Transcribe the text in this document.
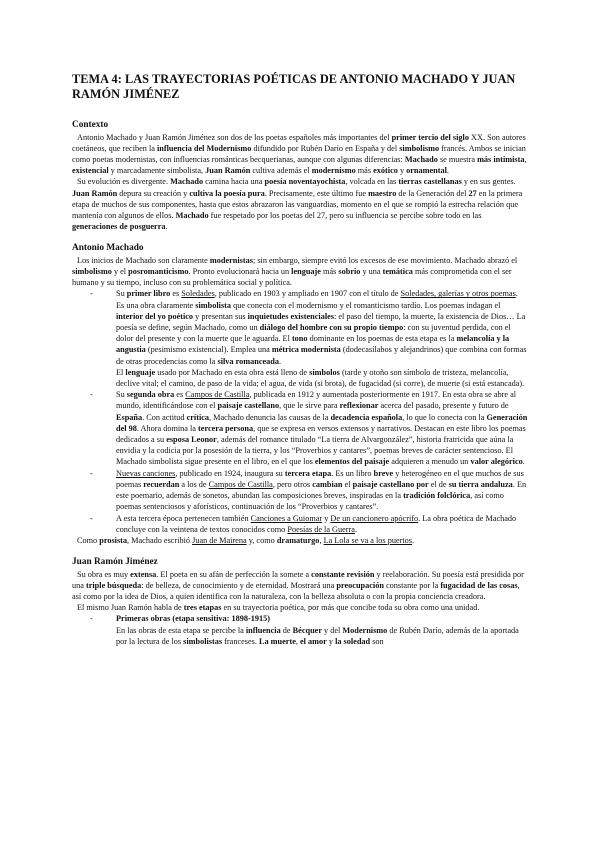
TEMA 4: LAS TRAYECTORIAS POÉTICAS DE ANTONIO MACHADO Y JUAN RAMÓN JIMÉNEZ
Contexto

Antonio Machado y Juan Ramón Jiménez son dos de los poetas españoles más importantes del primer tercio del siglo XX. Son autores coetáneos, que reciben la influencia del Modernismo difundido por Rubén Darío en España y del simbolismo francés. Ambos se inician como poetas modernistas, con influencias románticas becquerianas, aunque con algunas diferencias: Machado se muestra más intimista, existencial y marcadamente simbolista, Juan Ramón cultiva además el modernismo más exótico y ornamental.

Su evolución es divergente. Machado camina hacia una poesía noventayochista, volcada en las tierras castellanas y en sus gentes. Juan Ramón depura su creación y cultiva la poesía pura. Precisamente, este último fue maestro de la Generación del 27 en la primera etapa de muchos de sus componentes, hasta que estos abrazaron las vanguardias, momento en el que se rompió la estrecha relación que mantenía con algunos de ellos. Machado fue respetado por los poetas del 27, pero su influencia se percibe sobre todo en las generaciones de posguerra.

Antonio Machado

Los inicios de Machado son claramente modernistas; sin embargo, siempre evitó los excesos de ese movimiento. Machado abrazó el simbolismo y el posromanticismo. Pronto evolucionará hacia un lenguaje más sobrio y una temática más comprometida con el ser humano y su tiempo, incluso con su problemática social y política.

-	Su primer libro es Soledades, publicado en 1903 y ampliado en 1907 con el título de Soledades, galerías y otros poemas. Es una obra claramente simbolista que conecta con el modernismo y el romanticismo tardío. Los poemas indagan el interior del yo poético y presentan sus inquietudes existenciales: el paso del tiempo, la muerte, la existencia de Dios… La poesía se define, según Machado, como un diálogo del hombre con su propio tiempo: con su juventud perdida, con el dolor del presente y con la muerte que le aguarda. El tono dominante en los poemas de esta etapa es la melancolía y la angustia (pesimismo existencial). Emplea una métrica modernista (dodecasílabos y alejandrinos) que combina con formas de otras procedencias como la silva romanceada.
El lenguaje usado por Machado en esta obra está lleno de símbolos (tarde y otoño son símbolo de tristeza, melancolía, declive vital; el camino, de paso de la vida; el agua, de vida (si brota), de fugacidad (si corre), de muerte (si está estancada).

-	Su segunda obra es Campos de Castilla, publicada en 1912 y aumentada posteriormente en 1917. En esta obra se abre al mundo, identificándose con el paisaje castellano, que le sirve para reflexionar acerca del pasado, presente y futuro de España. Con actitud crítica, Machado denuncia las causas de la decadencia española, lo que lo conecta con la Generación del 98. Ahora domina la tercera persona, que se expresa en versos extensos y narrativos. Destacan en este libro los poemas dedicados a su esposa Leonor, además del romance titulado “La tierra de Alvargonzález”, historia fratricida que aúna la envidia y la codicia por la posesión de la tierra, y los “Proverbios y cantares”, poemas breves de carácter sentencioso. El Machado simbolista sigue presente en el libro, en el que los elementos del paisaje adquieren a menudo un valor alegórico.

-	Nuevas canciones, publicado en 1924, inaugura su tercera etapa. Es un libro breve y heterogéneo en el que muchos de sus poemas recuerdan a los de Campos de Castilla, pero otros cambian el paisaje castellano por el de su tierra andaluza. En este poemario, además de sonetos, abundan las composiciones breves, inspiradas en la tradición folclórica, así como poemas sentenciosos y aforísticos, continuación de los “Proverbios y cantares”.

-	A esta tercera época pertenecen también Canciones a Guiomar y De un cancionero apócrifo. La obra poética de Machado concluye con la veintena de textos conocidos como Poesías de la Guerra.

Como prosista, Machado escribió Juan de Mairena y, como dramaturgo, La Lola se va a los puertos.

Juan Ramón Jiménez

Su obra es muy extensa. El poeta en su afán de perfección la somete a constante revisión y reelaboración. Su poesía está presidida por una triple búsqueda: de belleza, de conocimiento y de eternidad. Mostrará una preocupación constante por la fugacidad de las cosas, así como por la idea de Dios, a quien identifica con la naturaleza, con la belleza absoluta o con la propia conciencia creadora.

El mismo Juan Ramón habla de tres etapas en su trayectoria poética, por más que concibe toda su obra como una unidad.

-	Primeras obras (etapa sensitiva: 1898-1915)

En las obras de esta etapa se percibe la influencia de Bécquer y del Modernismo de Rubén Darío, además de la aportada por la lectura de los simbolistas franceses. La muerte, el amor y la soledad son
